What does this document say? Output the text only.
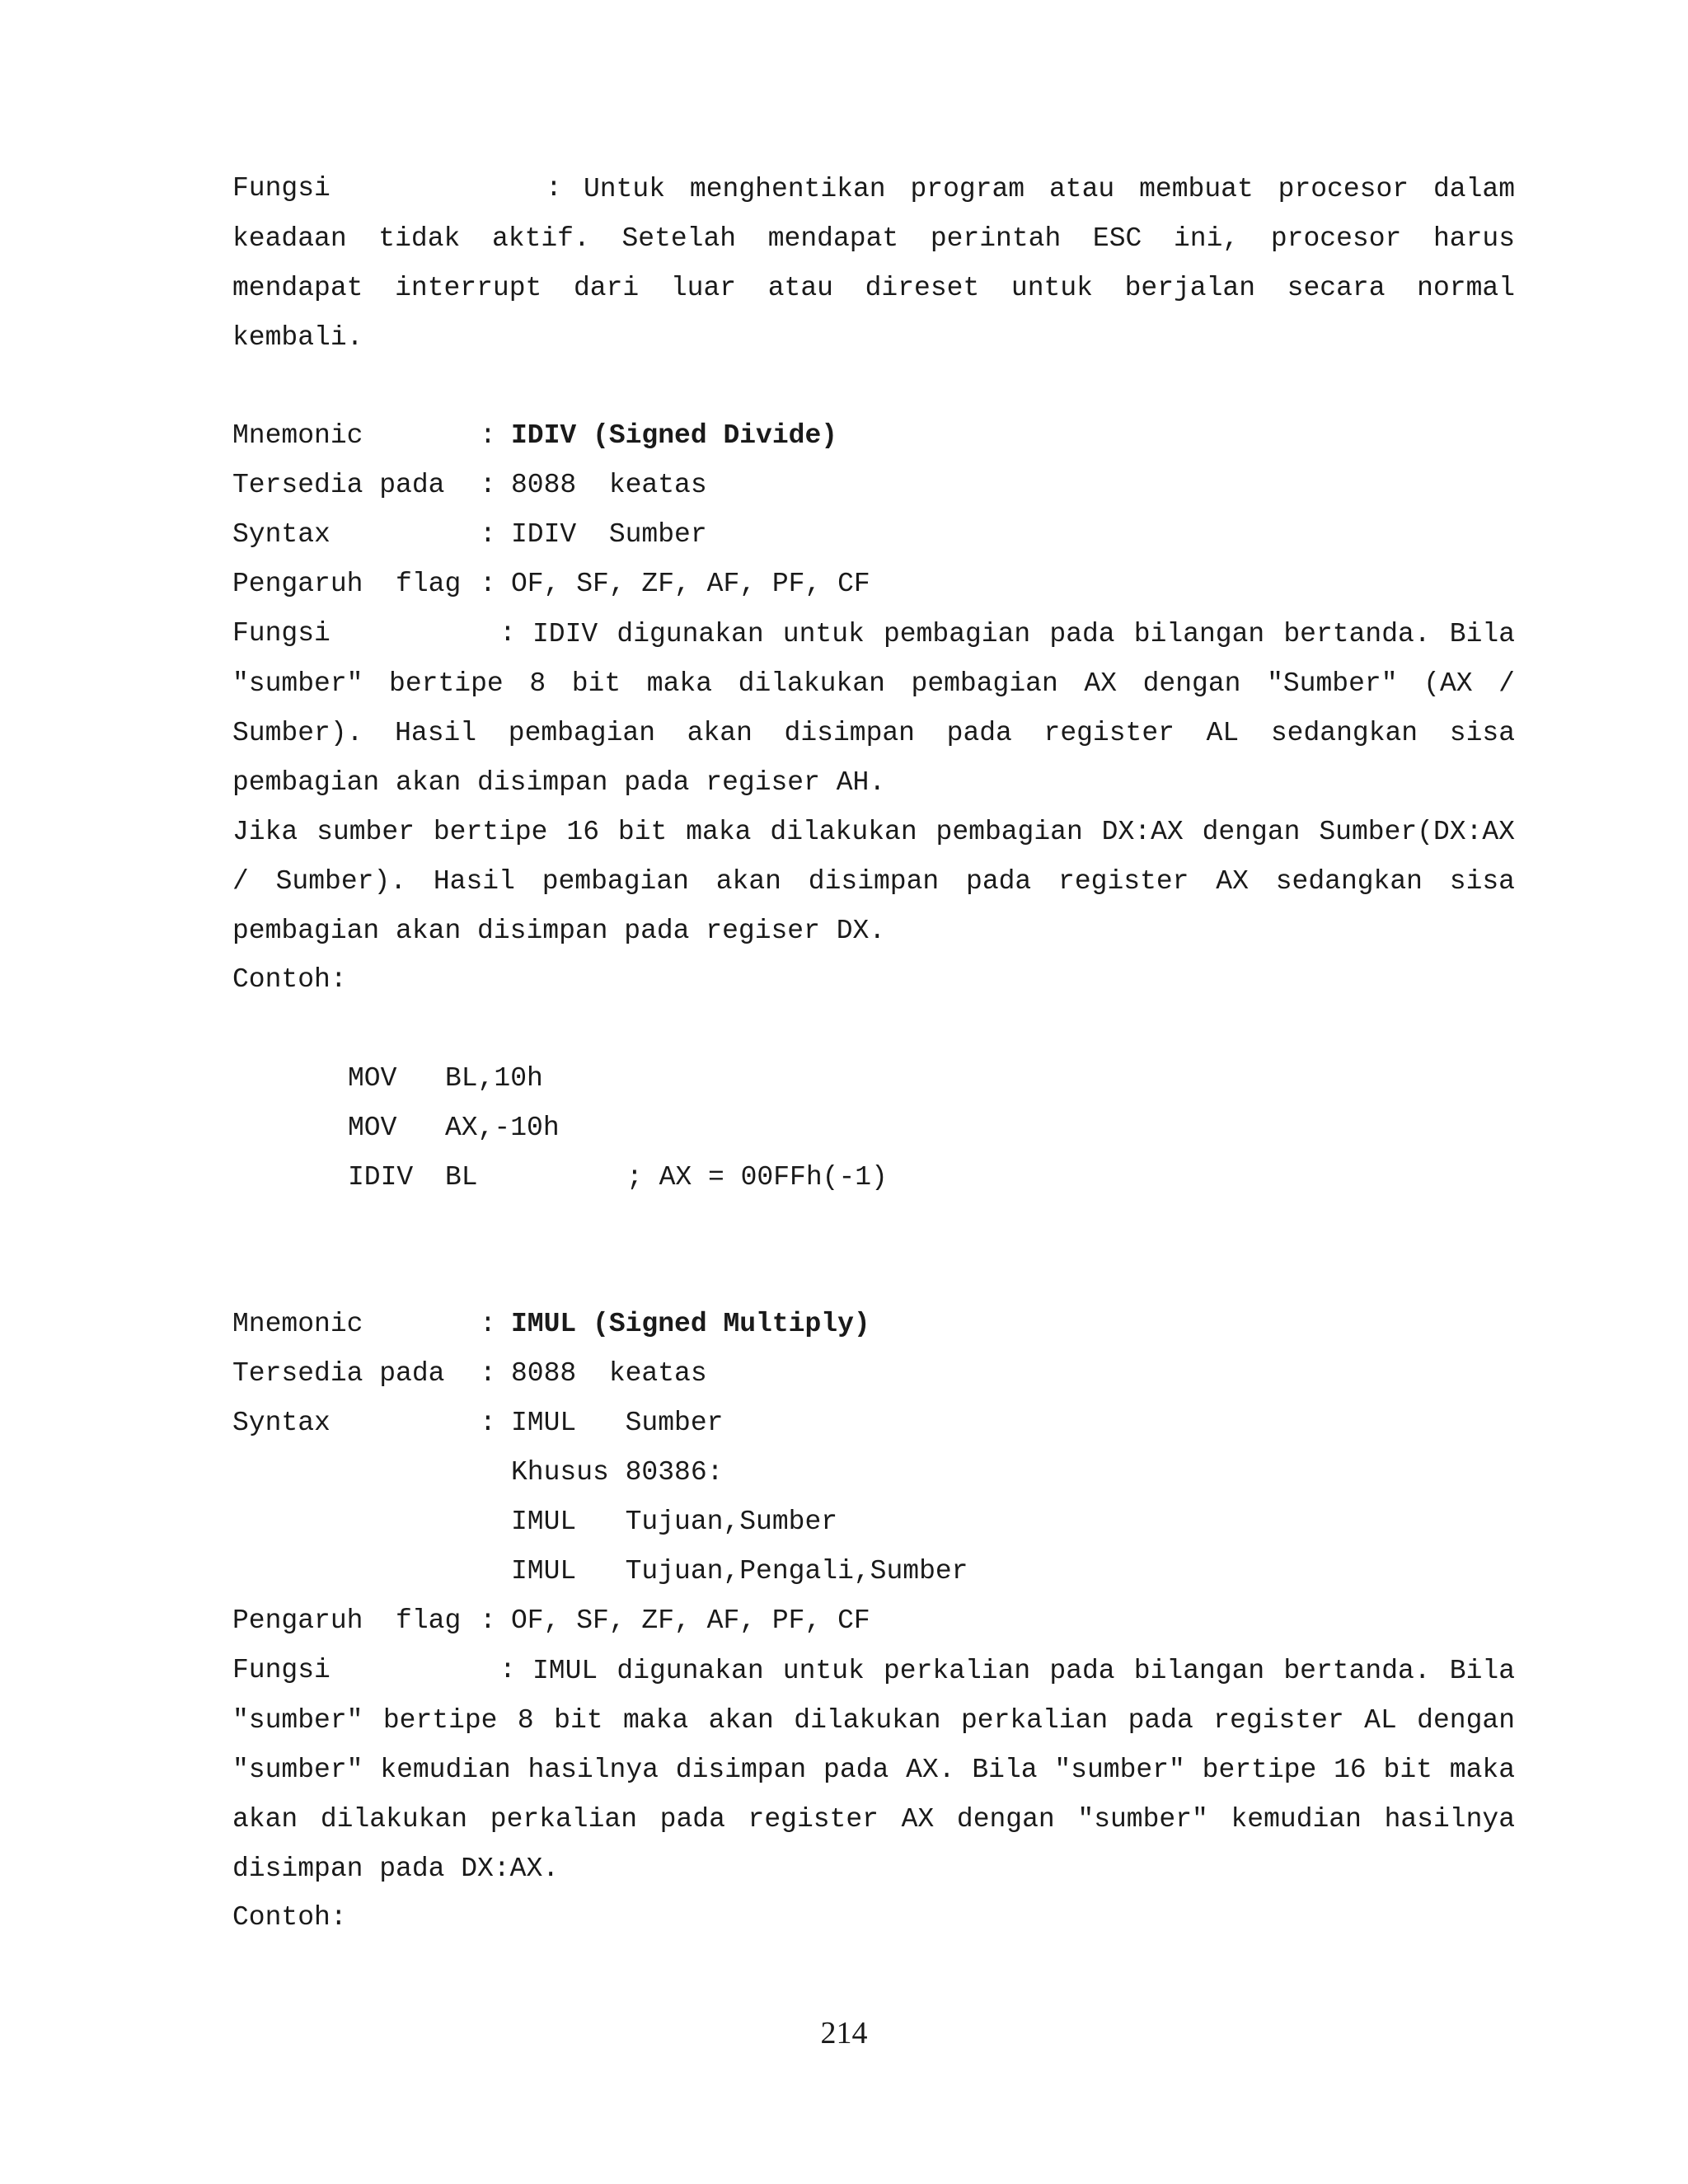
Fungsi	: Untuk menghentikan program atau membuat procesor dalam
keadaan tidak aktif. Setelah mendapat perintah ESC ini, procesor harus
mendapat interrupt dari luar atau direset untuk berjalan secara normal
kembali.
Mnemonic	: IDIV (Signed Divide)
Tersedia pada : 8088  keatas
Syntax	: IDIV  Sumber
Pengaruh  flag : OF, SF, ZF, AF, PF, CF
Fungsi	: IDIV digunakan untuk pembagian pada bilangan bertanda. Bila
"sumber" bertipe 8 bit maka dilakukan pembagian AX dengan "Sumber" (AX /
Sumber). Hasil pembagian akan disimpan pada register AL sedangkan sisa
pembagian akan disimpan pada regiser AH.
Jika sumber bertipe 16 bit maka dilakukan pembagian DX:AX dengan Sumber(DX:AX
/ Sumber). Hasil pembagian akan disimpan pada register AX sedangkan sisa
pembagian akan disimpan pada regiser DX.
Contoh:
MOV BL,10h
MOV AX,-10h
IDIV BL	; AX = 00FFh(-1)
Mnemonic	: IMUL (Signed Multiply)
Tersedia pada : 8088  keatas
Syntax	: IMUL   Sumber
Khusus 80386:
IMUL   Tujuan,Sumber
IMUL   Tujuan,Pengali,Sumber
Pengaruh  flag : OF, SF, ZF, AF, PF, CF
Fungsi	: IMUL digunakan untuk perkalian pada bilangan bertanda. Bila
"sumber" bertipe 8 bit maka akan dilakukan perkalian pada register AL dengan
"sumber" kemudian hasilnya disimpan pada AX. Bila "sumber" bertipe 16 bit maka
akan dilakukan perkalian pada register AX dengan "sumber" kemudian hasilnya
disimpan pada DX:AX.
Contoh:
214
